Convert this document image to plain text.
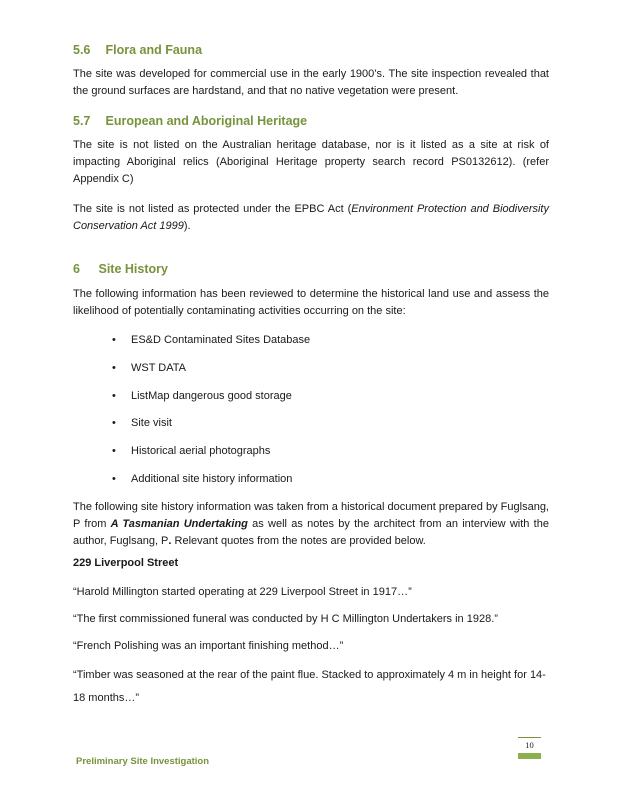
5.6 Flora and Fauna
The site was developed for commercial use in the early 1900’s. The site inspection revealed that the ground surfaces are hardstand, and that no native vegetation were present.
5.7 European and Aboriginal Heritage
The site is not listed on the Australian heritage database, nor is it listed as a site at risk of impacting Aboriginal relics (Aboriginal Heritage property search record PS0132612). (refer Appendix C)
The site is not listed as protected under the EPBC Act (Environment Protection and Biodiversity Conservation Act 1999).
6 Site History
The following information has been reviewed to determine the historical land use and assess the likelihood of potentially contaminating activities occurring on the site:
• ES&D Contaminated Sites Database
• WST DATA
• ListMap dangerous good storage
• Site visit
• Historical aerial photographs
• Additional site history information
The following site history information was taken from a historical document prepared by Fuglsang, P from A Tasmanian Undertaking as well as notes by the architect from an interview with the author, Fuglsang, P. Relevant quotes from the notes are provided below.
229 Liverpool Street
“Harold Millington started operating at 229 Liverpool Street in 1917…”
“The first commissioned funeral was conducted by H C Millington Undertakers in 1928.”
“French Polishing was an important finishing method…”
“Timber was seasoned at the rear of the paint flue. Stacked to approximately 4 m in height for 14-18 months…”
Preliminary Site Investigation
10
